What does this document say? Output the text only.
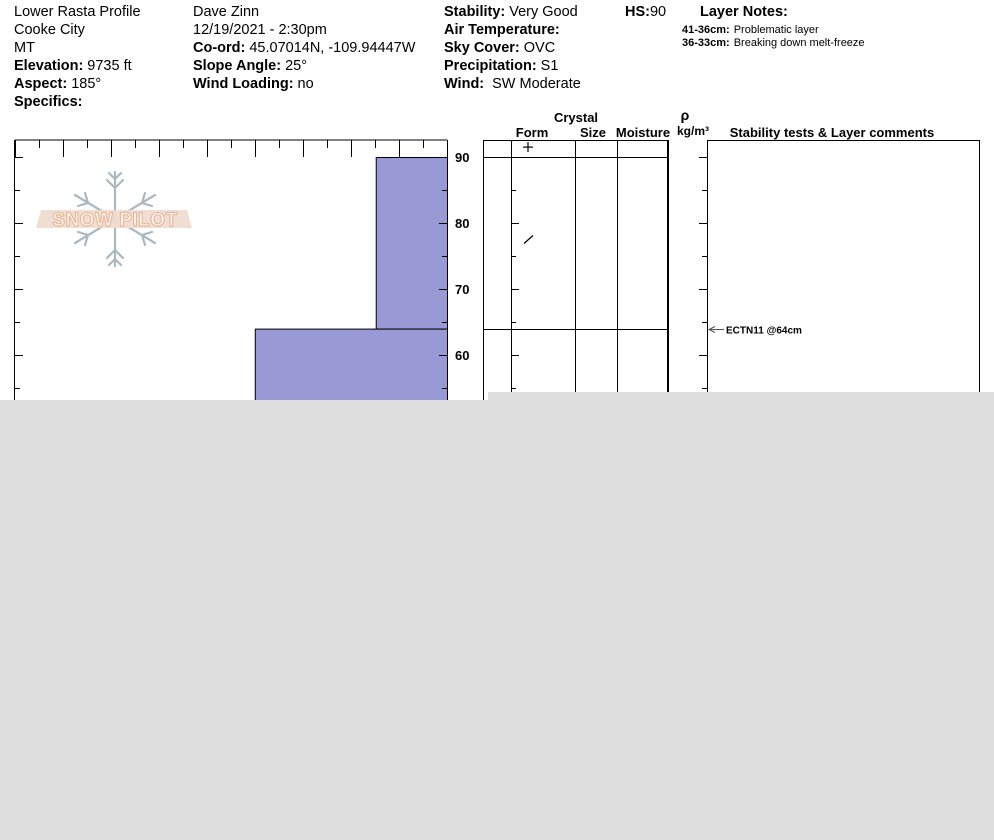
Lower Rasta Profile
Cooke City
MT
Elevation: 9735 ft
Aspect: 185°
Specifics:
Dave Zinn
12/19/2021 - 2:30pm
Co-ord: 45.07014N, -109.94447W
Slope Angle: 25°
Wind Loading: no
Stability: Very Good
Air Temperature:
Sky Cover: OVC
Precipitation: S1
Wind: SW Moderate
HS:90 Layer Notes:
41-36cm: Problematic layer
36-33cm: Breaking down melt-freeze
90
80
70
60
SNOW PILOT
ECTN11 @64cm
Crystal
Form Size Moisture
ρ
kg/m³ Stability tests & Layer comments
